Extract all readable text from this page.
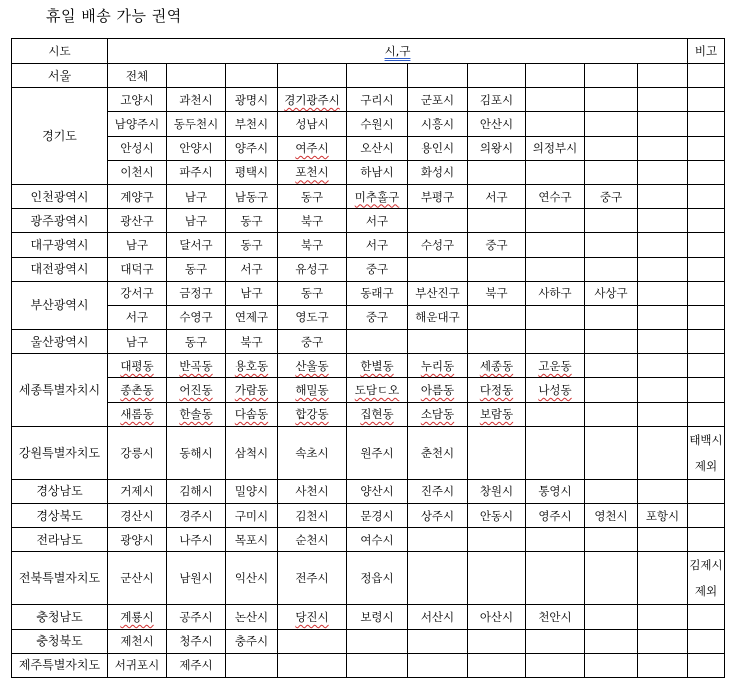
휴일 배송 가능 권역
시도	시,구										비고
서울	전체										
경기도	고양시	과천시	광명시	경기광주시	구리시	군포시	김포시				
	남양주시	동두천시	부천시	성남시	수원시	시흥시	안산시				
	안성시	안양시	양주시	여주시	오산시	용인시	의왕시	의정부시			
	이천시	파주시	평택시	포천시	하남시	화성시					
인천광역시	계양구	남구	남동구	동구	미추홀구	부평구	서구	연수구	중구		
광주광역시	광산구	남구	동구	북구	서구						
대구광역시	남구	달서구	동구	북구	서구	수성구	중구				
대전광역시	대덕구	동구	서구	유성구	중구						
부산광역시	강서구	금정구	남구	동구	동래구	부산진구	북구	사하구	사상구		
	서구	수영구	연제구	영도구	중구	해운대구					
울산광역시	남구	동구	북구	중구							
세종특별자치시	대평동	반곡동	용호동	산울동	한별동	누리동	세종동	고운동			
	종촌동	어진동	가람동	해밀동	도담ㄷ오	아름동	다정동	나성동			
	새롬동	한솔동	다솜동	합강동	집현동	소담동	보람동				
강원특별자치도	강릉시	동해시	삼척시	속초시	원주시	춘천시					태백시
제외

경상남도	거제시	김해시	밀양시	사천시	양산시	진주시	창원시	통영시			
경상북도	경산시	경주시	구미시	김천시	문경시	상주시	안동시	영주시	영천시	포항시	
전라남도	광양시	나주시	목포시	순천시	여수시						
전북특별자치도	군산시	남원시	익산시	전주시	정읍시						김제시
제외

충청남도	계룡시	공주시	논산시	당진시	보령시	서산시	아산시	천안시			
충청북도	제천시	청주시	충주시								
제주특별자치도	서귀포시	제주시									
